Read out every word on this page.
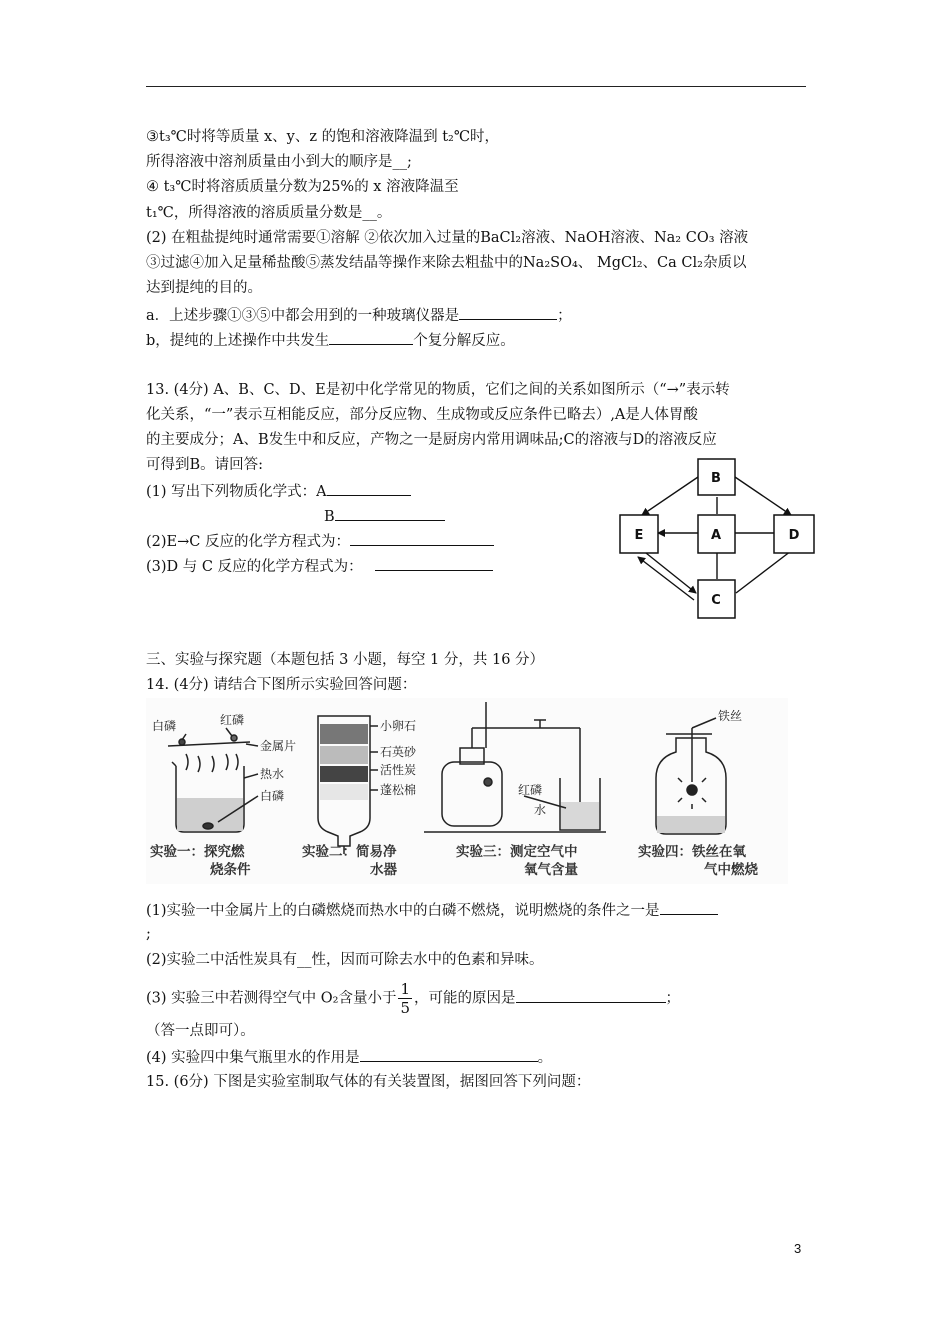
③t₃℃时将等质量 x、y、z 的饱和溶液降温到 t₂℃时，
所得溶液中溶剂质量由小到大的顺序是__;
④ t₃℃时将溶质质量分数为25%的 x 溶液降温至
t₁℃，所得溶液的溶质质量分数是__。
(2) 在粗盐提纯时通常需要①溶解 ②依次加入过量的BaCl₂溶液、NaOH溶液、Na₂ CO₃ 溶液
③过滤④加入足量稀盐酸⑤蒸发结晶等操作来除去粗盐中的Na₂SO₄、 MgCl₂、Ca Cl₂杂质以
达到提纯的目的。
a．上述步骤①③⑤中都会用到的一种玻璃仪器是	；
b，提纯的上述操作中共发生	个复分解反应。
13. (4分) A、B、C、D、E是初中化学常见的物质，它们之间的关系如图所示（“→”表示转
化关系，“一”表示互相能反应，部分反应物、生成物或反应条件已略去）,A是人体胃酸
的主要成分；A、B发生中和反应，产物之一是厨房内常用调味品;C的溶液与D的溶液反应
可得到B。请回答:
(1) 写出下列物质化学式：A
B
(2)E→C 反应的化学方程式为：
(3)D 与 C 反应的化学方程式为：
B
E	A	D
C
三、实验与探究题（本题包括 3 小题，每空 1 分，共 16 分）
14. (4分) 请结合下图所示实验回答问题：
白磷	红磷
金属片
热水
白磷
小卵石
石英砂
活性炭
蓬松棉	红磷
水
铁丝
实验一：探究燃
烧条件
实验二：简易净
水器
实验三：测定空气中
氧气含量
实验四：铁丝在氧
气中燃烧
(1)实验一中金属片上的白磷燃烧而热水中的白磷不燃烧，说明燃烧的条件之一是
;
(2)实验二中活性炭具有__性，因而可除去水中的色素和异味。
(3) 实验三中若测得空气中 O₂含量小于 $\frac{1}{5}$ ，可能的原因是	；
（答一点即可）。
(4) 实验四中集气瓶里水的作用是	。
15. (6分) 下图是实验室制取气体的有关装置图，据图回答下列问题：
3
